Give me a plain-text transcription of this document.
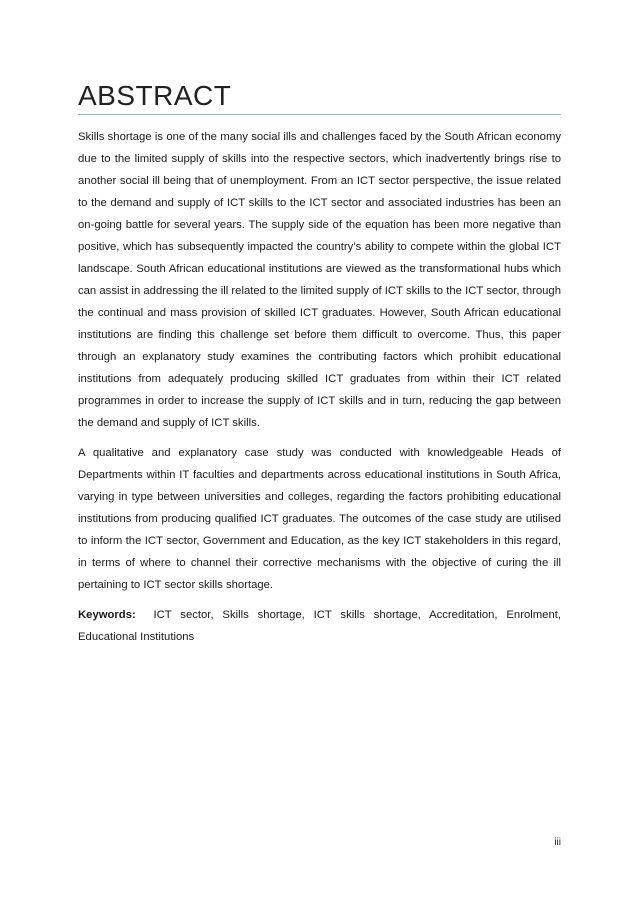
ABSTRACT

Skills shortage is one of the many social ills and challenges faced by the South African economy due to the limited supply of skills into the respective sectors, which inadvertently brings rise to another social ill being that of unemployment. From an ICT sector perspective, the issue related to the demand and supply of ICT skills to the ICT sector and associated industries has been an on-going battle for several years. The supply side of the equation has been more negative than positive, which has subsequently impacted the country’s ability to compete within the global ICT landscape. South African educational institutions are viewed as the transformational hubs which can assist in addressing the ill related to the limited supply of ICT skills to the ICT sector, through the continual and mass provision of skilled ICT graduates. However, South African educational institutions are finding this challenge set before them difficult to overcome. Thus, this paper through an explanatory study examines the contributing factors which prohibit educational institutions from adequately producing skilled ICT graduates from within their ICT related programmes in order to increase the supply of ICT skills and in turn, reducing the gap between the demand and supply of ICT skills.

A qualitative and explanatory case study was conducted with knowledgeable Heads of Departments within IT faculties and departments across educational institutions in South Africa, varying in type between universities and colleges, regarding the factors prohibiting educational institutions from producing qualified ICT graduates. The outcomes of the case study are utilised to inform the ICT sector, Government and Education, as the key ICT stakeholders in this regard, in terms of where to channel their corrective mechanisms with the objective of curing the ill pertaining to ICT sector skills shortage.

Keywords: ICT sector, Skills shortage, ICT skills shortage, Accreditation, Enrolment, Educational Institutions

iii
